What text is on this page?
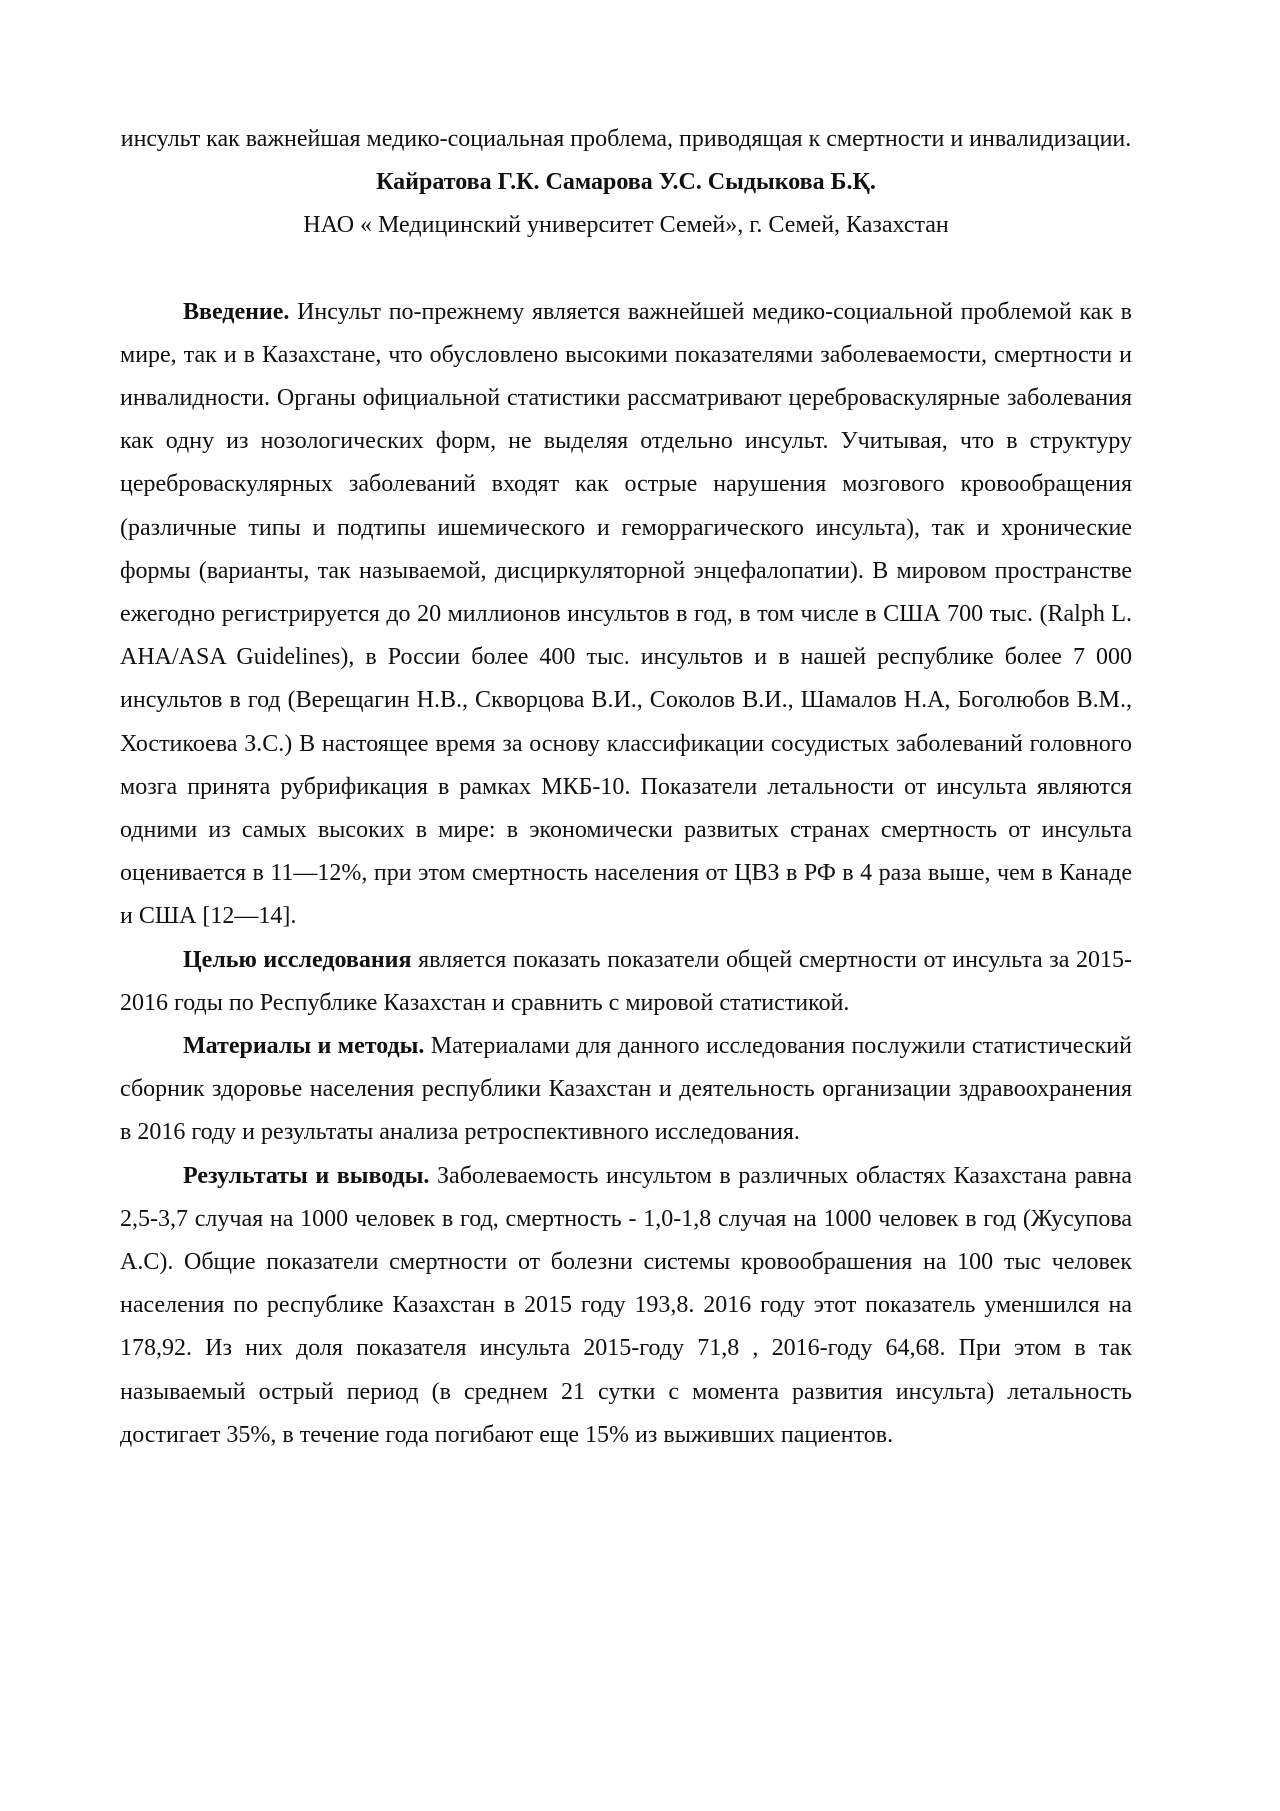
инсульт как важнейшая медико-социальная проблема, приводящая к смертности и инвалидизации.
Кайратова Г.К. Самарова У.С. Сыдыкова Б.Қ.
НАО « Медицинский университет Семей», г. Семей, Казахстан

Введение. Инсульт по-прежнему является важнейшей медико-социальной проблемой как в мире, так и в Казахстане, что обусловлено высокими показателями заболеваемости, смертности и инвалидности. Органы официальной статистики рассматривают цереброваскулярные заболевания как одну из нозологических форм, не выделяя отдельно инсульт. Учитывая, что в структуру цереброваскулярных заболеваний входят как острые нарушения мозгового кровообращения (различные типы и подтипы ишемического и геморрагического инсульта), так и хронические формы (варианты, так называемой, дисциркуляторной энцефалопатии). В мировом пространстве ежегодно регистрируется до 20 миллионов инсультов в год, в том числе в США 700 тыс. (Ralph L. AHA/ASA Guidelines), в России более 400 тыс. инсультов и в нашей республике более 7 000 инсультов в год (Верещагин Н.В., Скворцова В.И., Соколов В.И., Шамалов Н.А, Боголюбов В.М., Хостикоева З.С.) В настоящее время за основу классификации сосудистых заболеваний головного мозга принята рубрификация в рамках МКБ-10. Показатели летальности от инсульта являются одними из самых высоких в мире: в экономически развитых странах смертность от инсульта оценивается в 11—12%, при этом смертность населения от ЦВЗ в РФ в 4 раза выше, чем в Канаде и США [12—14].

Целью исследования является показать показатели общей смертности от инсульта за 2015-2016 годы по Республике Казахстан и сравнить с мировой статистикой.

Материалы и методы. Материалами для данного исследования послужили статистический сборник здоровье населения республики Казахстан и деятельность организации здравоохранения в 2016 году и результаты анализа ретроспективного исследования.

Результаты и выводы. Заболеваемость инсультом в различных областях Казахстана равна 2,5-3,7 случая на 1000 человек в год, смертность - 1,0-1,8 случая на 1000 человек в год (Жусупова А.С). Общие показатели смертности от болезни системы кровообрашения на 100 тыс человек населения по республике Казахстан в 2015 году 193,8. 2016 году этот показатель уменшился на 178,92. Из них доля показателя инсульта 2015-году 71,8 , 2016-году 64,68. При этом в так называемый острый период (в среднем 21 сутки с момента развития инсульта) летальность достигает 35%, в течение года погибают еще 15% из выживших пациентов.
